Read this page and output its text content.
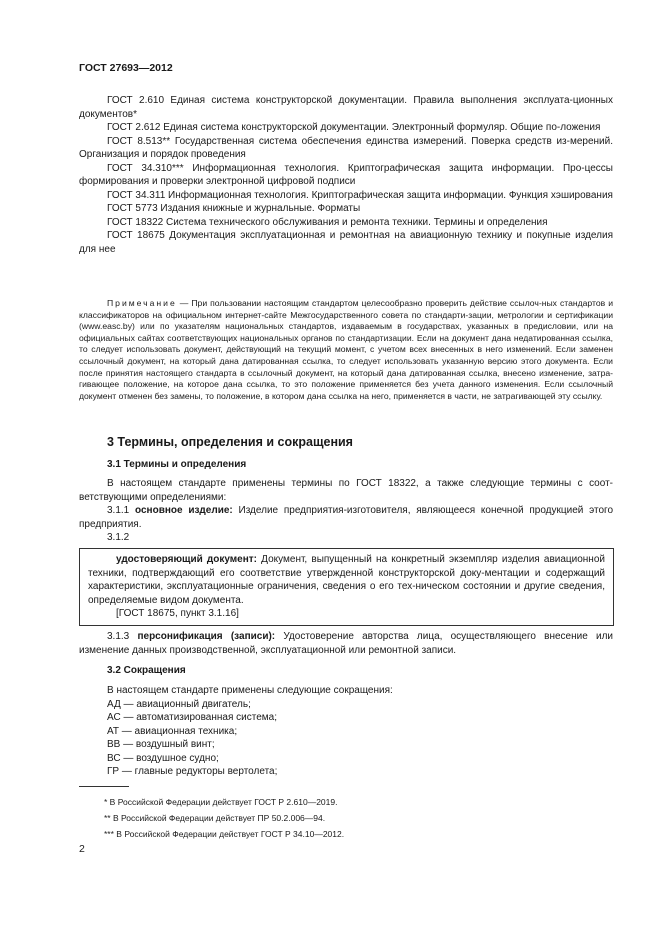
ГОСТ 27693—2012

ГОСТ 2.610 Единая система конструкторской документации. Правила выполнения эксплуата-ционных документов*

ГОСТ 2.612 Единая система конструкторской документации. Электронный формуляр. Общие по-ложения

ГОСТ 8.513** Государственная система обеспечения единства измерений. Поверка средств из-мерений. Организация и порядок проведения

ГОСТ 34.310*** Информационная технология. Криптографическая защита информации. Про-цессы формирования и проверки электронной цифровой подписи

ГОСТ 34.311 Информационная технология. Криптографическая защита информации. Функция хэширования

ГОСТ 5773 Издания книжные и журнальные. Форматы

ГОСТ 18322 Система технического обслуживания и ремонта техники. Термины и определения

ГОСТ 18675 Документация эксплуатационная и ремонтная на авиационную технику и покупные изделия для нее

Примечание — При пользовании настоящим стандартом целесообразно проверить действие ссылоч-ных стандартов и классификаторов на официальном интернет-сайте Межгосударственного совета по стандарти-зации, метрологии и сертификации (www.easc.by) или по указателям национальных стандартов, издаваемым в государствах, указанных в предисловии, или на официальных сайтах соответствующих национальных органов по стандартизации. Если на документ дана недатированная ссылка, то следует использовать документ, действующий на текущий момент, с учетом всех внесенных в него изменений. Если заменен ссылочный документ, на который дана датированная ссылка, то следует использовать указанную версию этого документа. Если после принятия настоящего стандарта в ссылочный документ, на который дана датированная ссылка, внесено изменение, затра-гивающее положение, на которое дана ссылка, то это положение применяется без учета данного изменения. Если ссылочный документ отменен без замены, то положение, в котором дана ссылка на него, применяется в части, не затрагивающей эту ссылку.

3 Термины, определения и сокращения
3.1 Термины и определения

В настоящем стандарте применены термины по ГОСТ 18322, а также следующие термины с соот-ветствующими определениями:

3.1.1 основное изделие: Изделие предприятия-изготовителя, являющееся конечной продукцией этого предприятия.

3.1.2

удостоверяющий документ: Документ, выпущенный на конкретный экземпляр изделия авиационной техники, подтверждающий его соответствие утвержденной конструкторской доку-ментации и содержащий характеристики, эксплуатационные ограничения, сведения о его тех-ническом состоянии и другие сведения, определяемые видом документа.

[ГОСТ 18675, пункт 3.1.16]

3.1.3 персонификация (записи): Удостоверение авторства лица, осуществляющего внесение или изменение данных производственной, эксплуатационной или ремонтной записи.

3.2 Сокращения

В настоящем стандарте применены следующие сокращения:

АД — авиационный двигатель;

АС — автоматизированная система;

АТ — авиационная техника;

ВВ — воздушный винт;

ВС — воздушное судно;

ГР — главные редукторы вертолета;

* В Российской Федерации действует ГОСТ Р 2.610—2019.

** В Российской Федерации действует ПР 50.2.006—94.

*** В Российской Федерации действует ГОСТ Р 34.10—2012.

2
